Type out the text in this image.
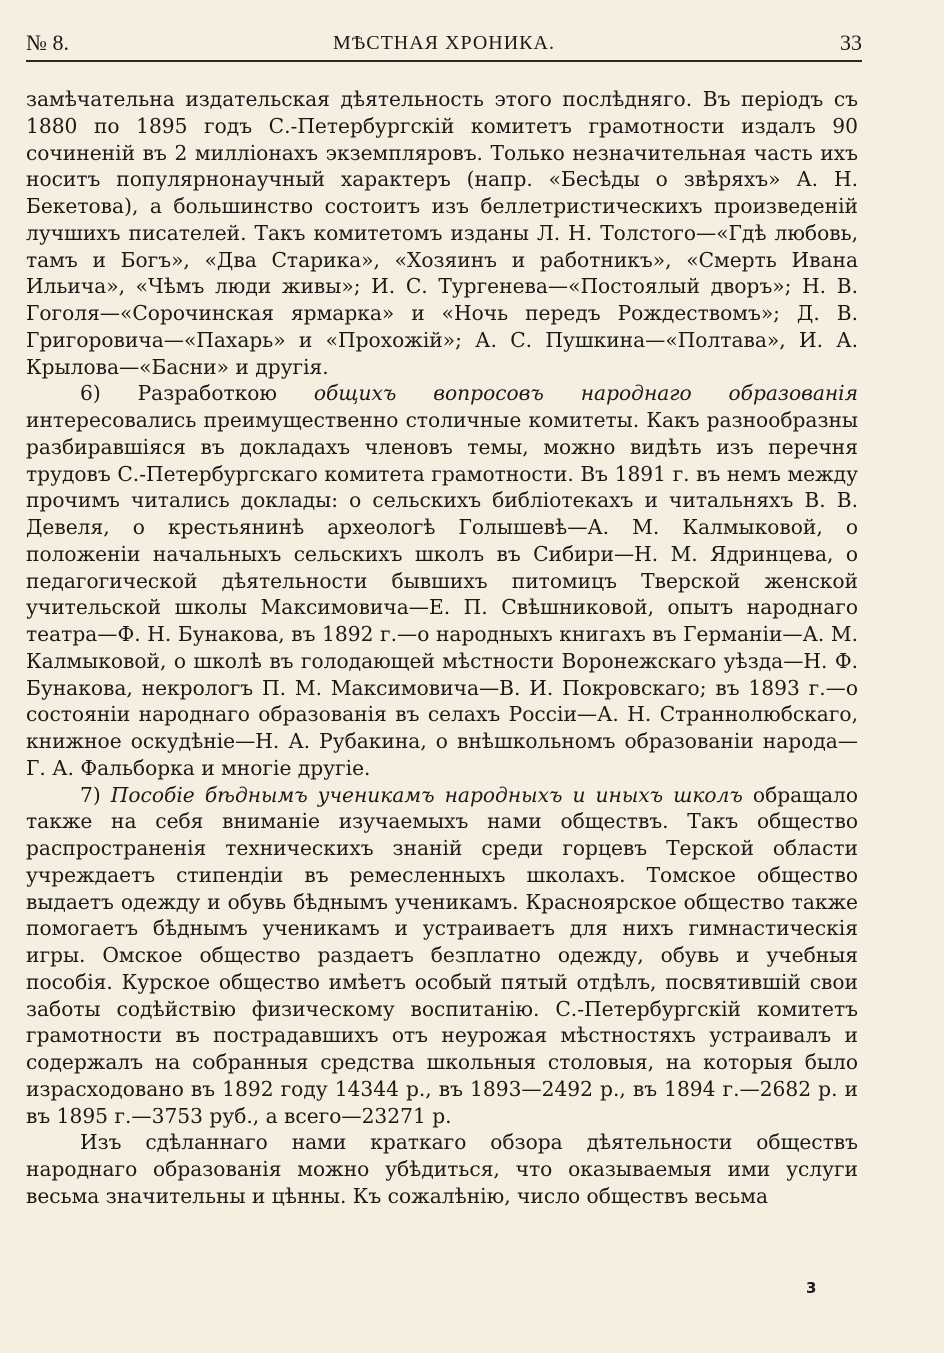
№ 8.	МѢСТНАЯ ХРОНИКА.	33

замѣчательна издательская дѣятельность этого послѣдняго. Въ періодъ съ 1880 по 1895 годъ С.-Петербургскій комитетъ грамотности издалъ 90 сочиненій въ 2 милліонахъ экземпляровъ. Только незначительная часть ихъ носитъ популярнонаучный характеръ (напр. «Бесѣды о звѣряхъ» А. Н. Бекетова), а большинство состоитъ изъ беллетристическихъ произведеній лучшихъ писателей. Такъ комитетомъ изданы Л. Н. Толстого—«Гдѣ любовь, тамъ и Богъ», «Два Старика», «Хозяинъ и работникъ», «Смерть Ивана Ильича», «Чѣмъ люди живы»; И. С. Тургенева—«Постоялый дворъ»; Н. В. Гоголя—«Сорочинская ярмарка» и «Ночь передъ Рождествомъ»; Д. В. Григоровича—«Пахарь» и «Прохожій»; А. С. Пушкина—«Полтава», И. А. Крылова—«Басни» и другія.

6) Разработкою общихъ вопросовъ народнаго образованія интересовались преимущественно столичные комитеты. Какъ разнообразны разбиравшіяся въ докладахъ членовъ темы, можно видѣть изъ перечня трудовъ С.-Петербургскаго комитета грамотности. Въ 1891 г. въ немъ между прочимъ читались доклады: о сельскихъ библіотекахъ и читальняхъ В. В. Девеля, о крестьянинѣ археологѣ Голышевѣ—А. М. Калмыковой, о положеніи начальныхъ сельскихъ школъ въ Сибири—Н. М. Ядринцева, о педагогической дѣятельности бывшихъ питомицъ Тверской женской учительской школы Максимовича—Е. П. Свѣшниковой, опытъ народнаго театра—Ф. Н. Бунакова, въ 1892 г.—о народныхъ книгахъ въ Германіи—А. М. Калмыковой, о школѣ въ голодающей мѣстности Воронежскаго уѣзда—Н. Ф. Бунакова, некрологъ П. М. Максимовича—В. И. Покровскаго; въ 1893 г.—о состояніи народнаго образованія въ селахъ Россіи—А. Н. Страннолюбскаго, книжное оскудѣніе—Н. А. Рубакина, о внѣшкольномъ образованіи народа—Г. А. Фальборка и многіе другіе.

7) Пособіе бѣднымъ ученикамъ народныхъ и иныхъ школъ обращало также на себя вниманіе изучаемыхъ нами обществъ. Такъ общество распространенія техническихъ знаній среди горцевъ Терской области учреждаетъ стипендіи въ ремесленныхъ школахъ. Томское общество выдаетъ одежду и обувь бѣднымъ ученикамъ. Красноярское общество также помогаетъ бѣднымъ ученикамъ и устраиваетъ для нихъ гимнастическія игры. Омское общество раздаетъ безплатно одежду, обувь и учебныя пособія. Курское общество имѣетъ особый пятый отдѣлъ, посвятившій свои заботы содѣйствію физическому воспитанію. С.-Петербургскій комитетъ грамотности въ пострадавшихъ отъ неурожая мѣстностяхъ устраивалъ и содержалъ на собранныя средства школьныя столовыя, на которыя было израсходовано въ 1892 году 14344 р., въ 1893—2492 р., въ 1894 г.—2682 р. и въ 1895 г.—3753 руб., а всего—23271 р.

Изъ сдѣланнаго нами краткаго обзора дѣятельности обществъ народнаго образованія можно убѣдиться, что оказываемыя ими услуги весьма значительны и цѣнны. Къ сожалѣнію, число обществъ весьма

3
